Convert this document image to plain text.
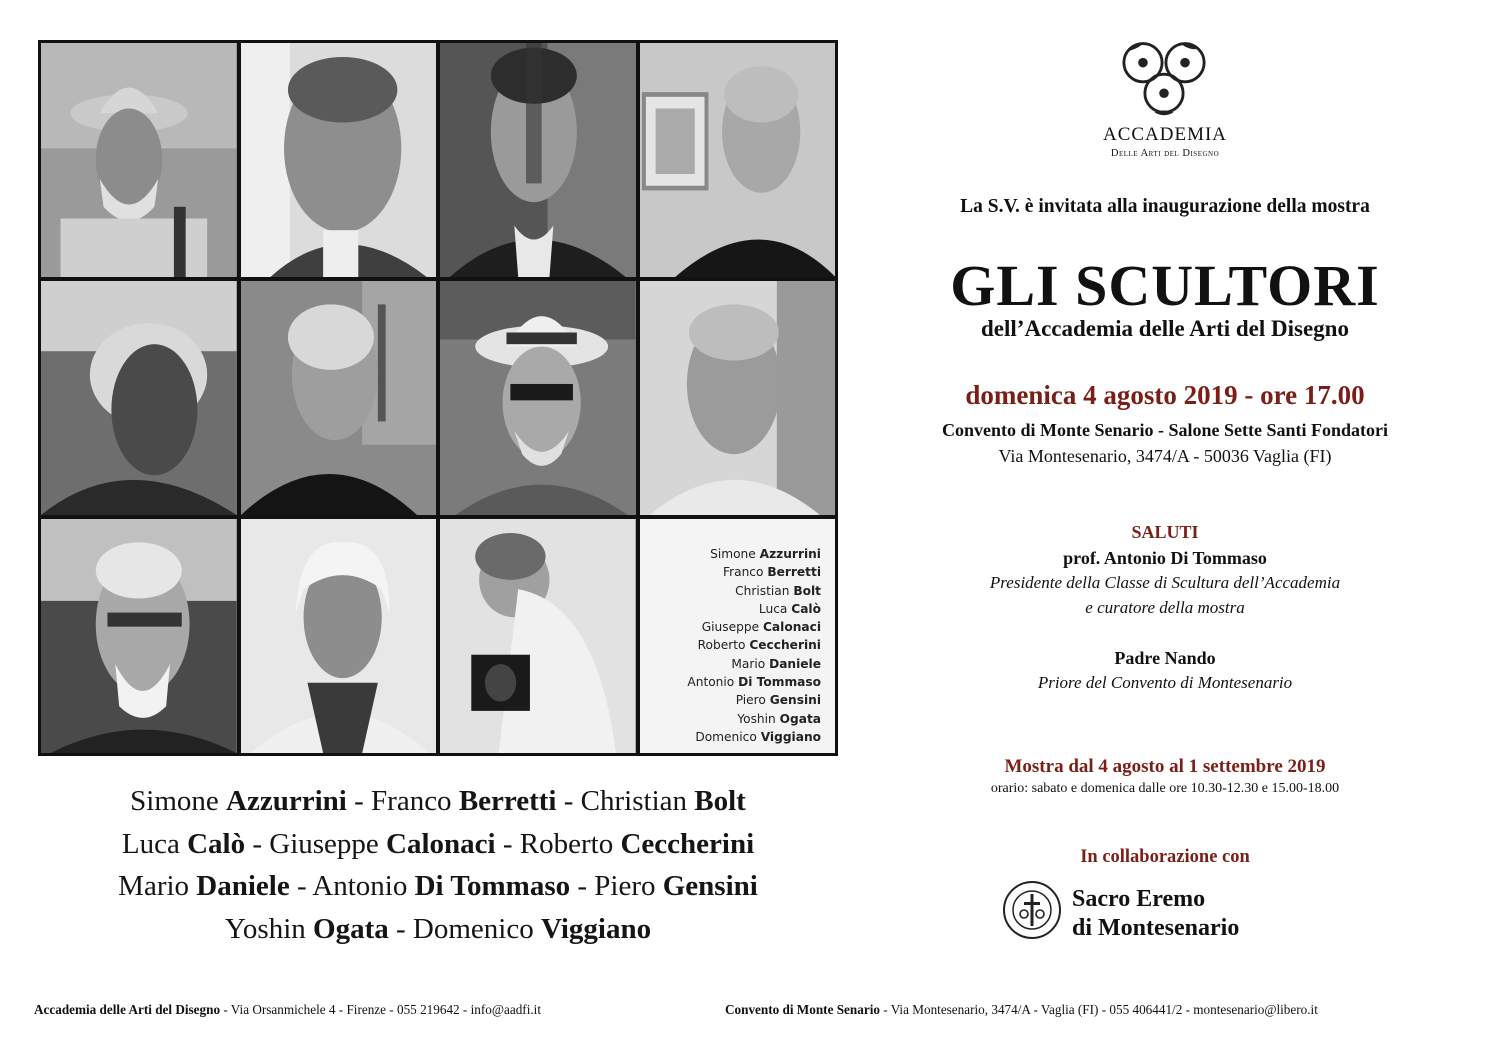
Simone Azzurrini
Franco Berretti
Christian Bolt
Luca Calò
Giuseppe Calonaci
Roberto Ceccherini
Mario Daniele
Antonio Di Tommaso
Piero Gensini
Yoshin Ogata
Domenico Viggiano
Simone Azzurrini - Franco Berretti - Christian Bolt
Luca Calò - Giuseppe Calonaci - Roberto Ceccherini
Mario Daniele - Antonio Di Tommaso - Piero Gensini
Yoshin Ogata - Domenico Viggiano
ACCADEMIA
Delle Arti del Disegno
La S.V. è invitata alla inaugurazione della mostra
GLI SCULTORI
dell’Accademia delle Arti del Disegno
domenica 4 agosto 2019 - ore 17.00
Convento di Monte Senario - Salone Sette Santi Fondatori
Via Montesenario, 3474/A - 50036 Vaglia (FI)
SALUTI
prof. Antonio Di Tommaso
Presidente della Classe di Scultura dell’Accademia
e curatore della mostra
Padre Nando
Priore del Convento di Montesenario
Mostra dal 4 agosto al 1 settembre 2019
orario: sabato e domenica dalle ore 10.30-12.30 e 15.00-18.00
In collaborazione con
Sacro Eremo
di Montesenario
Accademia delle Arti del Disegno - Via Orsanmichele 4 - Firenze - 055 219642 - info@aadfi.it	Convento di Monte Senario - Via Montesenario, 3474/A - Vaglia (FI) - 055 406441/2 - montesenario@libero.it
